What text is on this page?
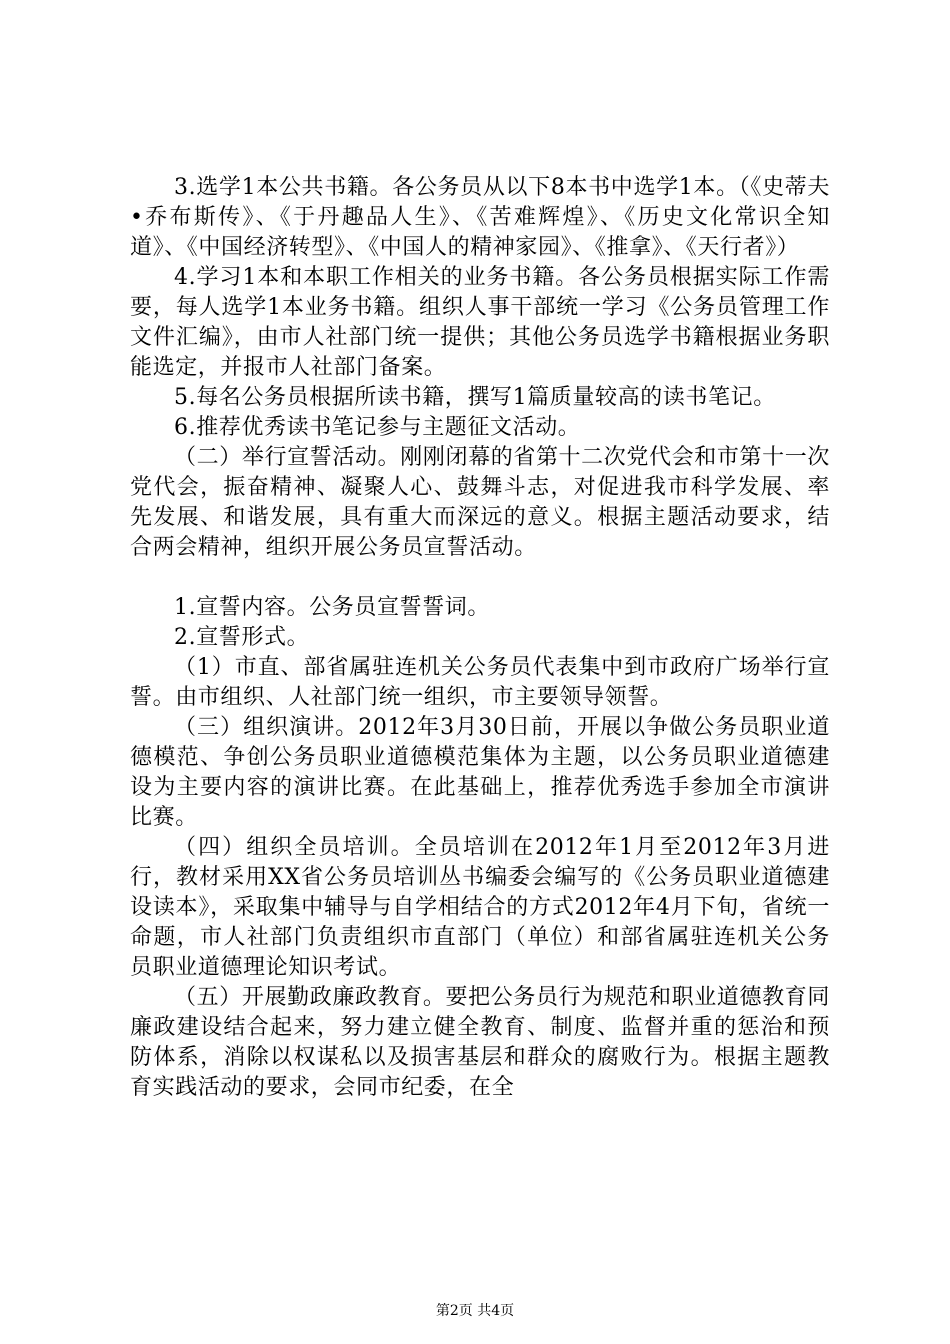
3.选学1本公共书籍。各公务员从以下8本书中选学1本。（《史蒂夫•乔布斯传》、《于丹趣品人生》、《苦难辉煌》、《历史文化常识全知道》、《中国经济转型》、《中国人的精神家园》、《推拿》、《天行者》）

4.学习1本和本职工作相关的业务书籍。各公务员根据实际工作需要，每人选学1本业务书籍。组织人事干部统一学习《公务员管理工作文件汇编》，由市人社部门统一提供；其他公务员选学书籍根据业务职能选定，并报市人社部门备案。

5.每名公务员根据所读书籍，撰写1篇质量较高的读书笔记。

6.推荐优秀读书笔记参与主题征文活动。

（二）举行宣誓活动。刚刚闭幕的省第十二次党代会和市第十一次党代会，振奋精神、凝聚人心、鼓舞斗志，对促进我市科学发展、率先发展、和谐发展，具有重大而深远的意义。根据主题活动要求，结合两会精神，组织开展公务员宣誓活动。

1.宣誓内容。公务员宣誓誓词。

2.宣誓形式。

（1）市直、部省属驻连机关公务员代表集中到市政府广场举行宣誓。由市组织、人社部门统一组织，市主要领导领誓。

（三）组织演讲。2012年3月30日前，开展以争做公务员职业道德模范、争创公务员职业道德模范集体为主题，以公务员职业道德建设为主要内容的演讲比赛。在此基础上，推荐优秀选手参加全市演讲比赛。

（四）组织全员培训。全员培训在2012年1月至2012年3月进行，教材采用XX省公务员培训丛书编委会编写的《公务员职业道德建设读本》，采取集中辅导与自学相结合的方式2012年4月下旬，省统一命题，市人社部门负责组织市直部门（单位）和部省属驻连机关公务员职业道德理论知识考试。

（五）开展勤政廉政教育。要把公务员行为规范和职业道德教育同廉政建设结合起来，努力建立健全教育、制度、监督并重的惩治和预防体系，消除以权谋私以及损害基层和群众的腐败行为。根据主题教育实践活动的要求，会同市纪委，在全

第2页 共4页
